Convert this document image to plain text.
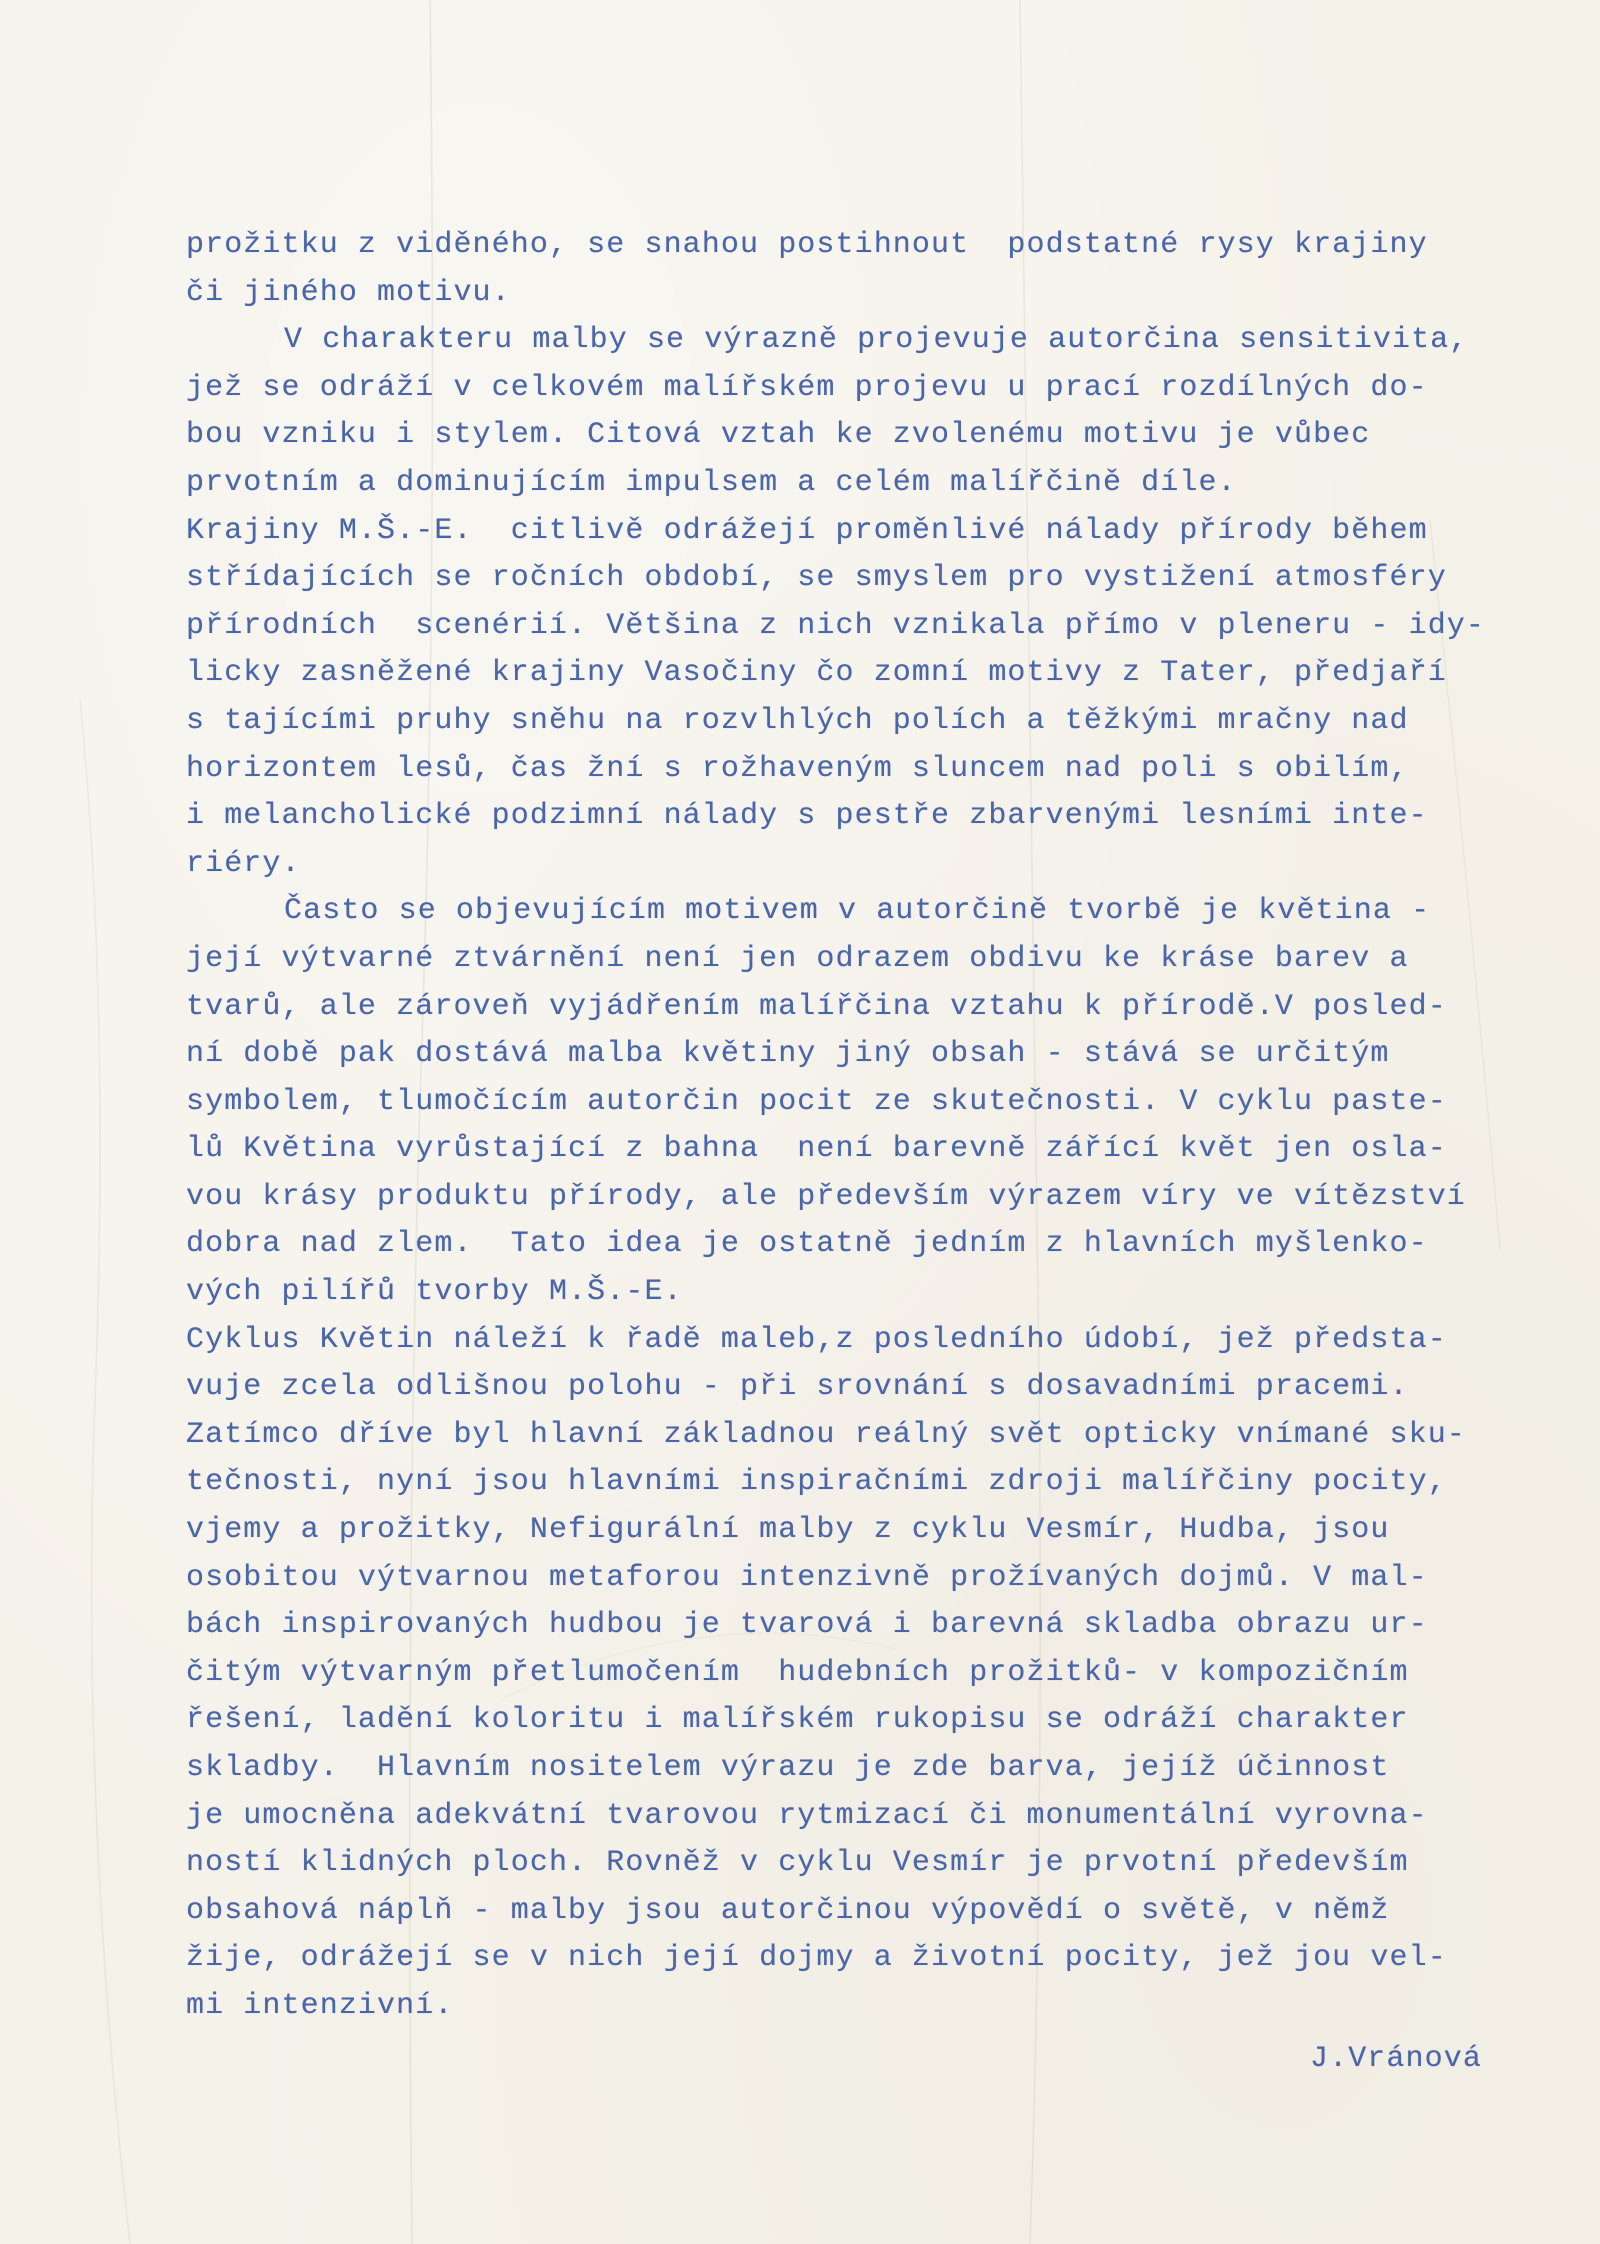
prožitku z viděného, se snahou postihnout  podstatné rysy krajiny
či jiného motivu.
V charakteru malby se výrazně projevuje autorčina sensitivita,
jež se odráží v celkovém malířském projevu u prací rozdílných do-
bou vzniku i stylem. Citová vztah ke zvolenému motivu je vůbec
prvotním a dominujícím impulsem a celém malířčině díle.
Krajiny M.Š.-E.  citlivě odrážejí proměnlivé nálady přírody během
střídajících se ročních období, se smyslem pro vystižení atmosféry
přírodních  scenérií. Většina z nich vznikala přímo v pleneru - idy-
licky zasněžené krajiny Vasočiny čo zomní motivy z Tater, předjaří
s tajícími pruhy sněhu na rozvlhlých polích a těžkými mračny nad
horizontem lesů, čas žní s rožhaveným sluncem nad poli s obilím,
i melancholické podzimní nálady s pestře zbarvenými lesními inte-
riéry.
Často se objevujícím motivem v autorčině tvorbě je květina -
její výtvarné ztvárnění není jen odrazem obdivu ke kráse barev a
tvarů, ale zároveň vyjádřením malířčina vztahu k přírodě.V posled-
ní době pak dostává malba květiny jiný obsah - stává se určitým
symbolem, tlumočícím autorčin pocit ze skutečnosti. V cyklu paste-
lů Květina vyrůstající z bahna  není barevně zářící květ jen osla-
vou krásy produktu přírody, ale především výrazem víry ve vítězství
dobra nad zlem.  Tato idea je ostatně jedním z hlavních myšlenko-
vých pilířů tvorby M.Š.-E.
Cyklus Květin náleží k řadě maleb,z posledního údobí, jež předsta-
vuje zcela odlišnou polohu - při srovnání s dosavadními pracemi.
Zatímco dříve byl hlavní základnou reálný svět opticky vnímané sku-
tečnosti, nyní jsou hlavními inspiračními zdroji malířčiny pocity,
vjemy a prožitky, Nefigurální malby z cyklu Vesmír, Hudba, jsou
osobitou výtvarnou metaforou intenzivně prožívaných dojmů. V mal-
bách inspirovaných hudbou je tvarová i barevná skladba obrazu ur-
čitým výtvarným přetlumočením  hudebních prožitků- v kompozičním
řešení, ladění koloritu i malířském rukopisu se odráží charakter
skladby.  Hlavním nositelem výrazu je zde barva, jejíž účinnost
je umocněna adekvátní tvarovou rytmizací či monumentální vyrovna-
ností klidných ploch. Rovněž v cyklu Vesmír je prvotní především
obsahová náplň - malby jsou autorčinou výpovědí o světě, v němž
žije, odrážejí se v nich její dojmy a životní pocity, jež jou vel-
mi intenzivní.
J.Vránová
